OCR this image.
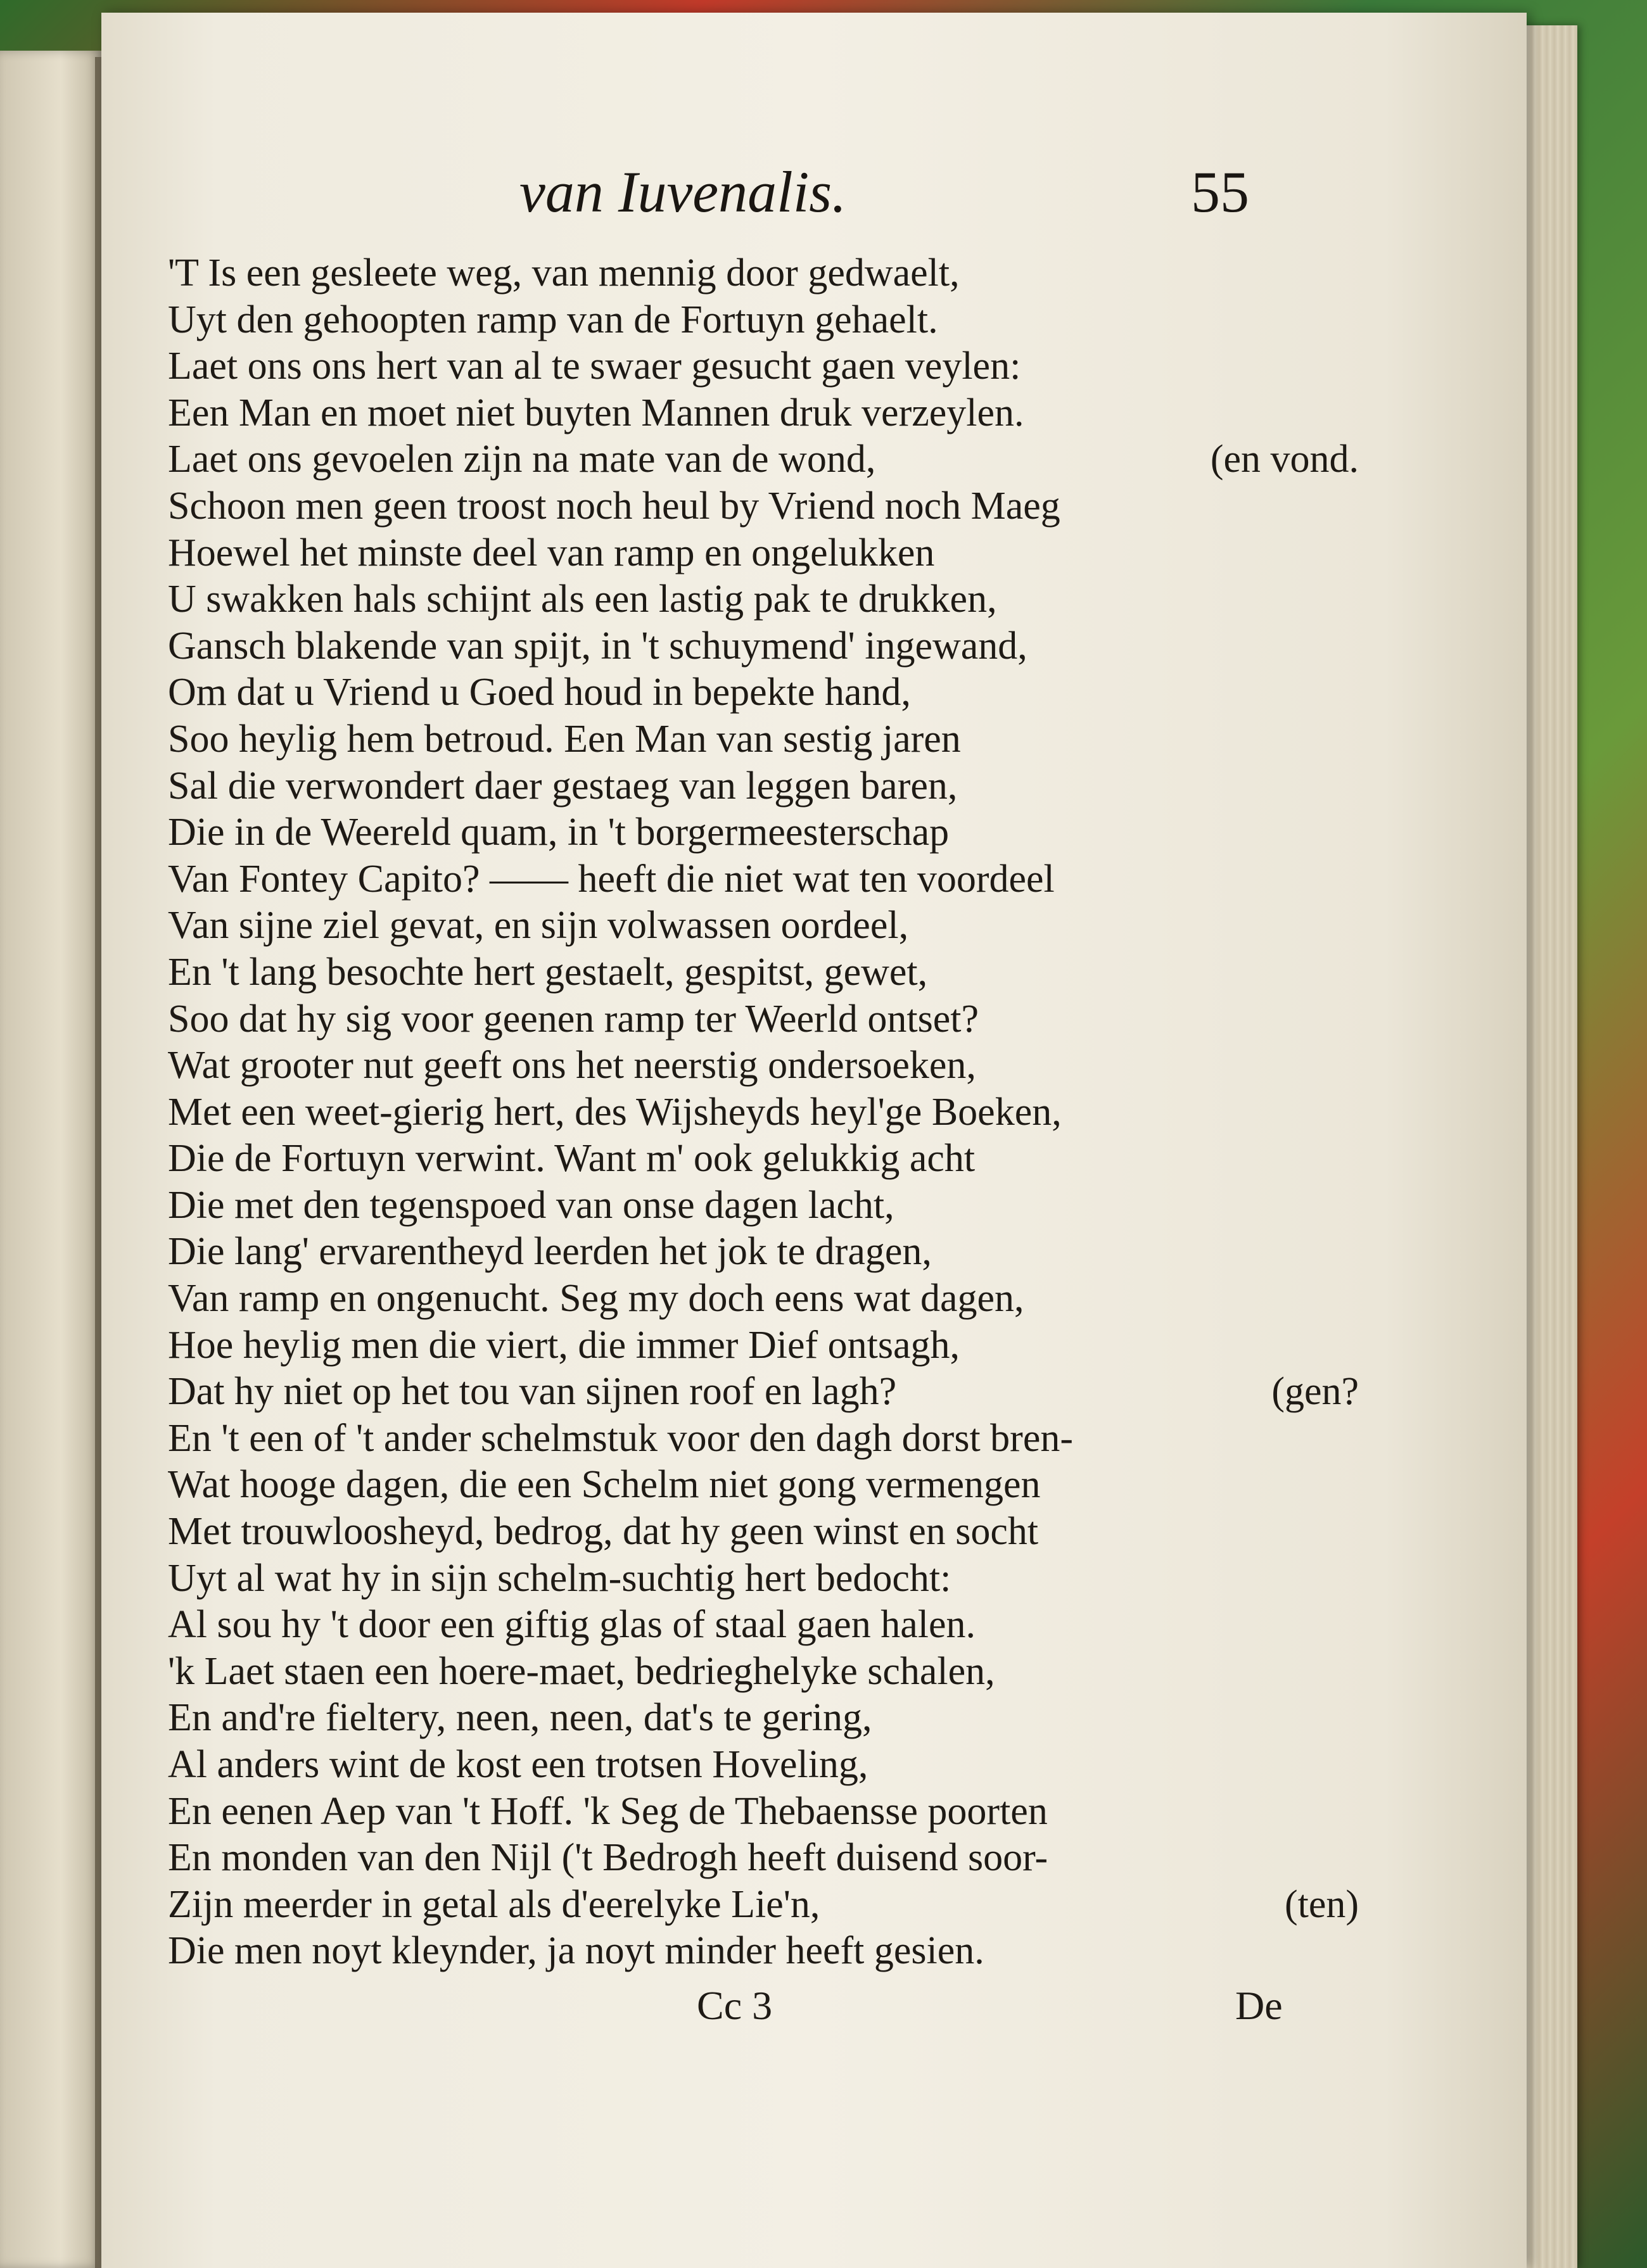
van Iuvenalis.	55
'T Is een gesleete weg, van mennig door gedwaelt,
Uyt den gehoopten ramp van de Fortuyn gehaelt.
Laet ons ons hert van al te swaer gesucht gaen veylen:
Een Man en moet niet buyten Mannen druk verzeylen.
Laet ons gevoelen zijn na mate van de wond,	(en vond.
Schoon men geen troost noch heul by Vriend noch Maeg
Hoewel het minste deel van ramp en ongelukken
U swakken hals schijnt als een lastig pak te drukken,
Gansch blakende van spijt, in 't schuymend' ingewand,
Om dat u Vriend u Goed houd in bepekte hand,
Soo heylig hem betroud. Een Man van sestig jaren
Sal die verwondert daer gestaeg van leggen baren,
Die in de Weereld quam, in 't borgermeesterschap
Van Fontey Capito? —— heeft die niet wat ten voordeel
Van sijne ziel gevat, en sijn volwassen oordeel,
En 't lang besochte hert gestaelt, gespitst, gewet,
Soo dat hy sig voor geenen ramp ter Weerld ontset?
Wat grooter nut geeft ons het neerstig ondersoeken,
Met een weet-gierig hert, des Wijsheyds heyl'ge Boeken,
Die de Fortuyn verwint. Want m' ook gelukkig acht
Die met den tegenspoed van onse dagen lacht,
Die lang' ervarentheyd leerden het jok te dragen,
Van ramp en ongenucht. Seg my doch eens wat dagen,
Hoe heylig men die viert, die immer Dief ontsagh,
Dat hy niet op het tou van sijnen roof en lagh?	(gen?
En 't een of 't ander schelmstuk voor den dagh dorst bren-
Wat hooge dagen, die een Schelm niet gong vermengen
Met trouwloosheyd, bedrog, dat hy geen winst en socht
Uyt al wat hy in sijn schelm-suchtig hert bedocht:
Al sou hy 't door een giftig glas of staal gaen halen.
'k Laet staen een hoere-maet, bedrieghelyke schalen,
En and're fieltery, neen, neen, dat's te gering,
Al anders wint de kost een trotsen Hoveling,
En eenen Aep van 't Hoff. 'k Seg de Thebaensse poorten
En monden van den Nijl ('t Bedrogh heeft duisend soor-
Zijn meerder in getal als d'eerelyke Lie'n,	(ten)
Die men noyt kleynder, ja noyt minder heeft gesien.
Cc 3	De
